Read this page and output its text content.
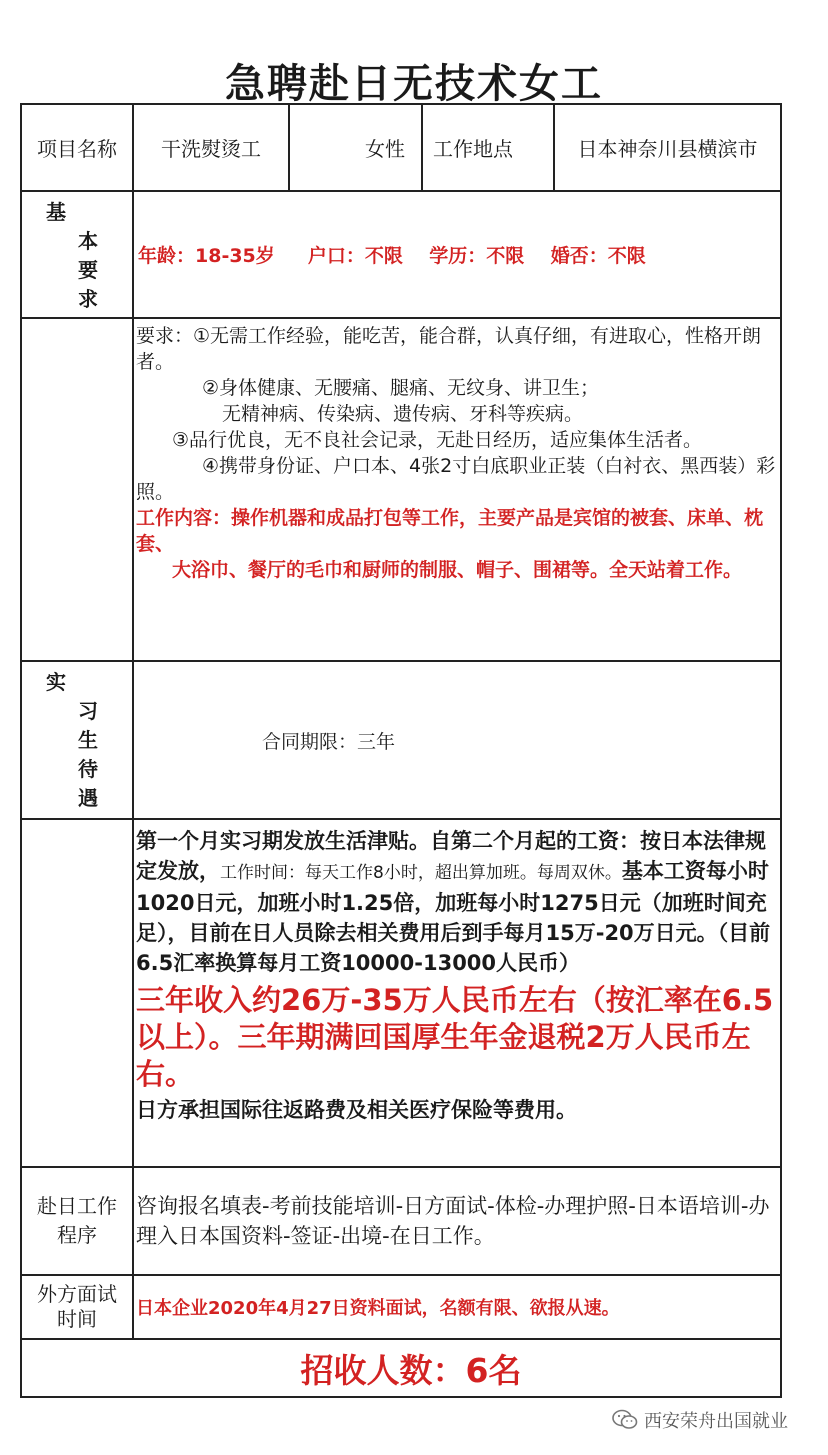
急聘赴日无技术女工
项目名称 干洗熨烫工	女性 工作地点	日本神奈川县横滨市
基
本
要
求
年龄：18-35岁     户口：不限    学历：不限    婚否：不限
要求：①无需工作经验，能吃苦，能合群，认真仔细，有进取心，性格开朗者。
②身体健康、无腰痛、腿痛、无纹身、讲卫生；
无精神病、传染病、遗传病、牙科等疾病。
③品行优良，无不良社会记录，无赴日经历，适应集体生活者。
④携带身份证、户口本、4张2寸白底职业正装（白衬衣、黑西装）彩照。
工作内容：操作机器和成品打包等工作，主要产品是宾馆的被套、床单、枕套、
大浴巾、餐厅的毛巾和厨师的制服、帽子、围裙等。全天站着工作。
实
习
生
待
遇
合同期限：三年
第一个月实习期发放生活津贴。自第二个月起的工资：按日本法律规定发放，工作时间：每天工作8小时，超出算加班。每周双休。基本工资每小时1020日元，加班小时1.25倍，加班每小时1275日元（加班时间充足），目前在日人员除去相关费用后到手每月15万-20万日元。（目前6.5汇率换算每月工资10000-13000人民币）
三年收入约26万-35万人民币左右（按汇率在6.5以上）。三年期满回国厚生年金退税2万人民币左右。
日方承担国际往返路费及相关医疗保险等费用。
赴日工作程序
咨询报名填表-考前技能培训-日方面试-体检-办理护照-日本语培训-办理入日本国资料-签证-出境-在日工作。
外方面试时间	日本企业2020年4月27日资料面试，名额有限、欲报从速。
招收人数：6名
西安荣舟出国就业
